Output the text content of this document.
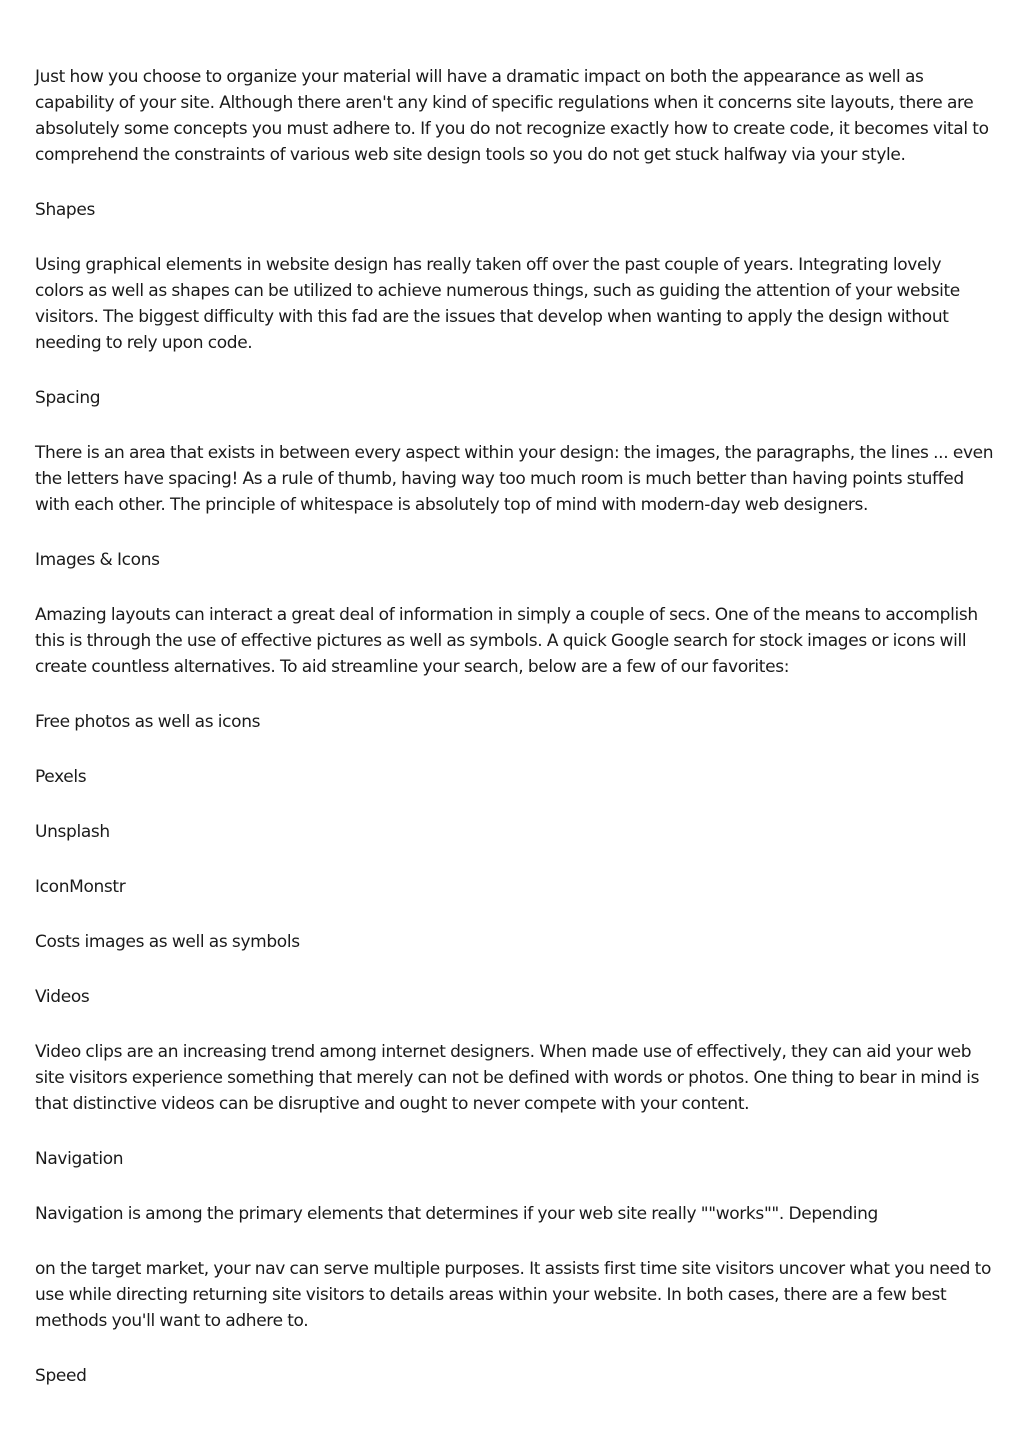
Just how you choose to organize your material will have a dramatic impact on both the appearance as well as capability of your site. Although there aren't any kind of specific regulations when it concerns site layouts, there are absolutely some concepts you must adhere to. If you do not recognize exactly how to create code, it becomes vital to comprehend the constraints of various web site design tools so you do not get stuck halfway via your style.

Shapes

Using graphical elements in website design has really taken off over the past couple of years. Integrating lovely colors as well as shapes can be utilized to achieve numerous things, such as guiding the attention of your website visitors. The biggest difficulty with this fad are the issues that develop when wanting to apply the design without needing to rely upon code.

Spacing

There is an area that exists in between every aspect within your design: the images, the paragraphs, the lines ... even the letters have spacing! As a rule of thumb, having way too much room is much better than having points stuffed with each other. The principle of whitespace is absolutely top of mind with modern-day web designers.

Images & Icons

Amazing layouts can interact a great deal of information in simply a couple of secs. One of the means to accomplish this is through the use of effective pictures as well as symbols. A quick Google search for stock images or icons will create countless alternatives. To aid streamline your search, below are a few of our favorites:

Free photos as well as icons

Pexels

Unsplash

IconMonstr

Costs images as well as symbols

Videos

Video clips are an increasing trend among internet designers. When made use of effectively, they can aid your web site visitors experience something that merely can not be defined with words or photos. One thing to bear in mind is that distinctive videos can be disruptive and ought to never compete with your content.

Navigation

Navigation is among the primary elements that determines if your web site really ""works"". Depending

on the target market, your nav can serve multiple purposes. It assists first time site visitors uncover what you need to use while directing returning site visitors to details areas within your website. In both cases, there are a few best methods you'll want to adhere to.

Speed
